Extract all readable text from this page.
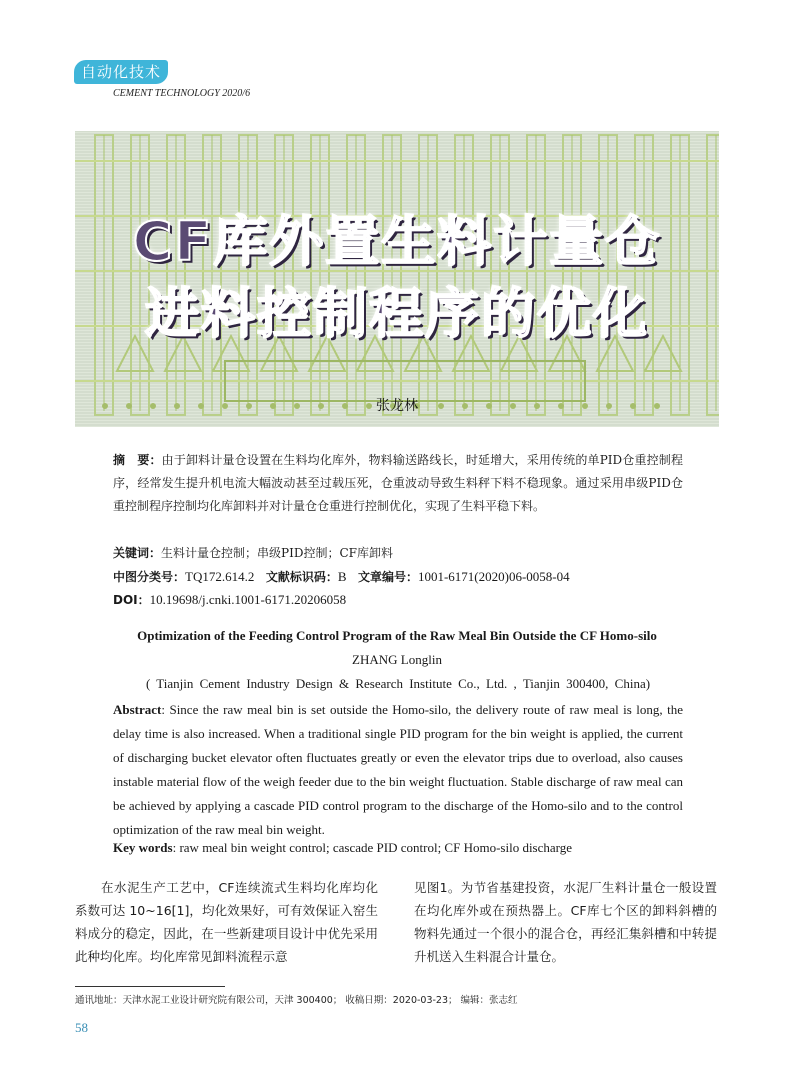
自动化技术
CEMENT TECHNOLOGY 2020/6
CF库外置生料计量仓
进料控制程序的优化
张龙林
摘　要：由于卸料计量仓设置在生料均化库外，物料输送路线长，时延增大，采用传统的单PID仓重控制程序，经常发生提升机电流大幅波动甚至过载压死，仓重波动导致生料秤下料不稳现象。通过采用串级PID仓重控制程序控制均化库卸料并对计量仓仓重进行控制优化，实现了生料平稳下料。
关键词：生料计量仓控制；串级PID控制；CF库卸料
中图分类号：TQ172.614.2 文献标识码：B 文章编号：1001-6171(2020)06-0058-04
DOI：10.19698/j.cnki.1001-6171.20206058
Optimization of the Feeding Control Program of the Raw Meal Bin Outside the CF Homo-silo
ZHANG Longlin
( Tianjin Cement Industry Design & Research Institute Co., Ltd. , Tianjin 300400, China)
Abstract: Since the raw meal bin is set outside the Homo-silo, the delivery route of raw meal is long, the delay time is also increased. When a traditional single PID program for the bin weight is applied, the current of discharging bucket elevator often fluctuates greatly or even the elevator trips due to overload, also causes instable material flow of the weigh feeder due to the bin weight fluctuation. Stable discharge of raw meal can be achieved by applying a cascade PID control program to the discharge of the Homo-silo and to the control optimization of the raw meal bin weight.
Key words: raw meal bin weight control; cascade PID control; CF Homo-silo discharge
在水泥生产工艺中，CF连续流式生料均化库均化系数可达 10~16[1]，均化效果好，可有效保证入窑生料成分的稳定，因此，在一些新建项目设计中优先采用此种均化库。均化库常见卸料流程示意
见图1。为节省基建投资，水泥厂生料计量仓一般设置在均化库外或在预热器上。CF库七个区的卸料斜槽的物料先通过一个很小的混合仓，再经汇集斜槽和中转提升机送入生料混合计量仓。
通讯地址：天津水泥工业设计研究院有限公司，天津 300400； 收稿日期：2020-03-23； 编辑：张志红
58
